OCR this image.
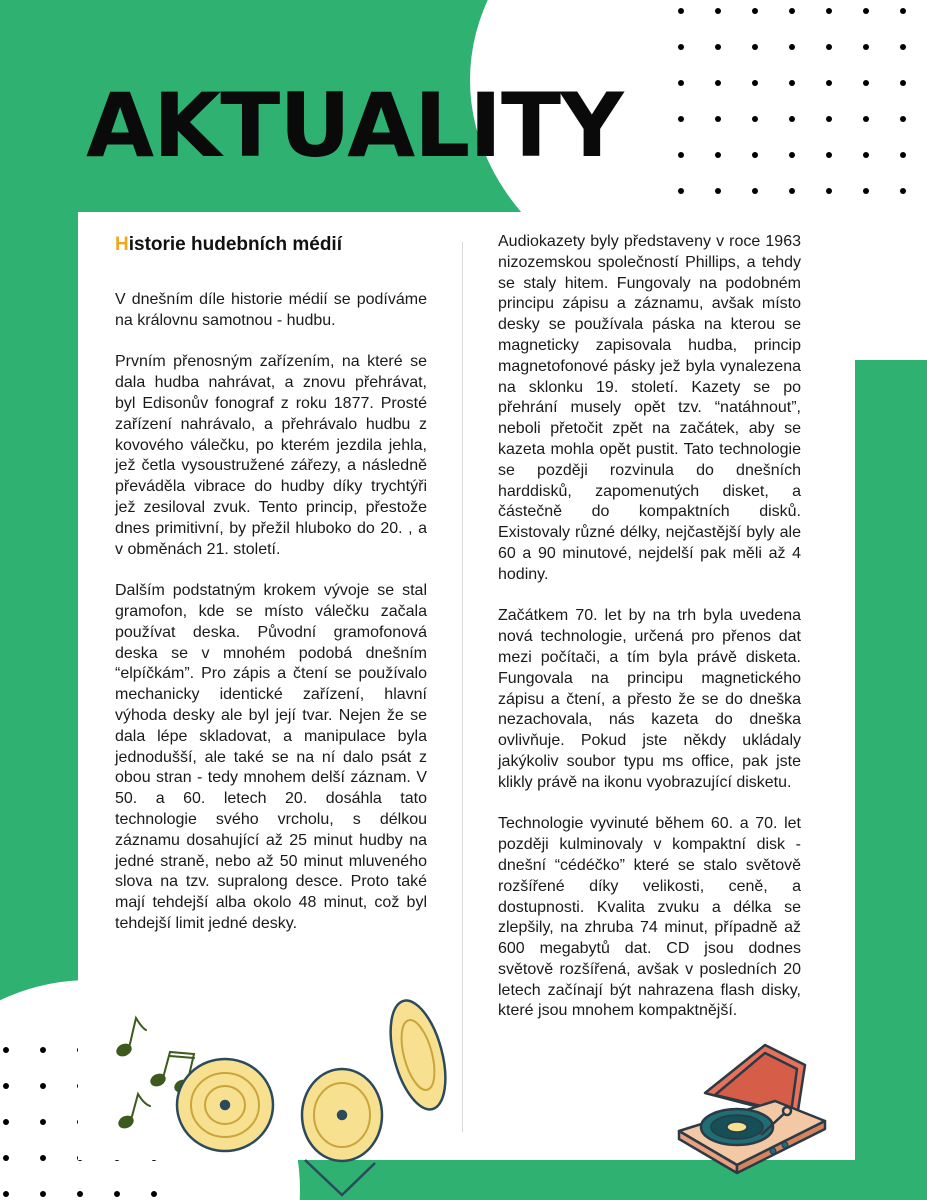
AKTUALITY
Historie hudebních médií

V dnešním díle historie médií se podíváme na královnu samotnou - hudbu.

Prvním přenosným zařízením, na které se dala hudba nahrávat, a znovu přehrávat, byl Edisonův fonograf z roku 1877. Prosté zařízení nahrávalo, a přehrávalo hudbu z kovového válečku, po kterém jezdila jehla, jež četla vysoustružené zářezy, a následně převáděla vibrace do hudby díky trychtýři jež zesiloval zvuk. Tento princip, přestože dnes primitivní, by přežil hluboko do 20. , a v obměnách 21. století.

Dalším podstatným krokem vývoje se stal gramofon, kde se místo válečku začala používat deska. Původní gramofonová deska se v mnohém podobá dnešním “elpíčkám”. Pro zápis a čtení se používalo mechanicky identické zařízení, hlavní výhoda desky ale byl její tvar. Nejen že se dala lépe skladovat, a manipulace byla jednodušší, ale také se na ní dalo psát z obou stran - tedy mnohem delší záznam. V 50. a 60. letech 20. dosáhla tato technologie svého vrcholu, s délkou záznamu dosahující až 25 minut hudby na jedné straně, nebo až 50 minut mluveného slova na tzv. supralong desce. Proto také mají tehdejší alba okolo 48 minut, což byl tehdejší limit jedné desky.

Audiokazety byly představeny v roce 1963 nizozemskou společností Phillips, a tehdy se staly hitem. Fungovaly na podobném principu zápisu a záznamu, avšak místo desky se používala páska na kterou se magneticky zapisovala hudba, princip magnetofonové pásky jež byla vynalezena na sklonku 19. století. Kazety se po přehrání musely opět tzv. “natáhnout”, neboli přetočit zpět na začátek, aby se kazeta mohla opět pustit. Tato technologie se později rozvinula do dnešních harddisků, zapomenutých disket, a částečně do kompaktních disků. Existovaly různé délky, nejčastější byly ale 60 a 90 minutové, nejdelší pak měli až 4 hodiny.

Začátkem 70. let by na trh byla uvedena nová technologie, určená pro přenos dat mezi počítači, a tím byla právě disketa. Fungovala na principu magnetického zápisu a čtení, a přesto že se do dneška nezachovala, nás kazeta do dneška ovlivňuje. Pokud jste někdy ukládaly jakýkoliv soubor typu ms office, pak jste klikly právě na ikonu vyobrazující disketu.

Technologie vyvinuté během 60. a 70. let později kulminovaly v kompaktní disk - dnešní “cédéčko” které se stalo světově rozšířené díky velikosti, ceně, a dostupnosti. Kvalita zvuku a délka se zlepšily, na zhruba 74 minut, případně až 600 megabytů dat. CD jsou dodnes světově rozšířená, avšak v posledních 20 letech začínají být nahrazena flash disky, které jsou mnohem kompaktnější.
